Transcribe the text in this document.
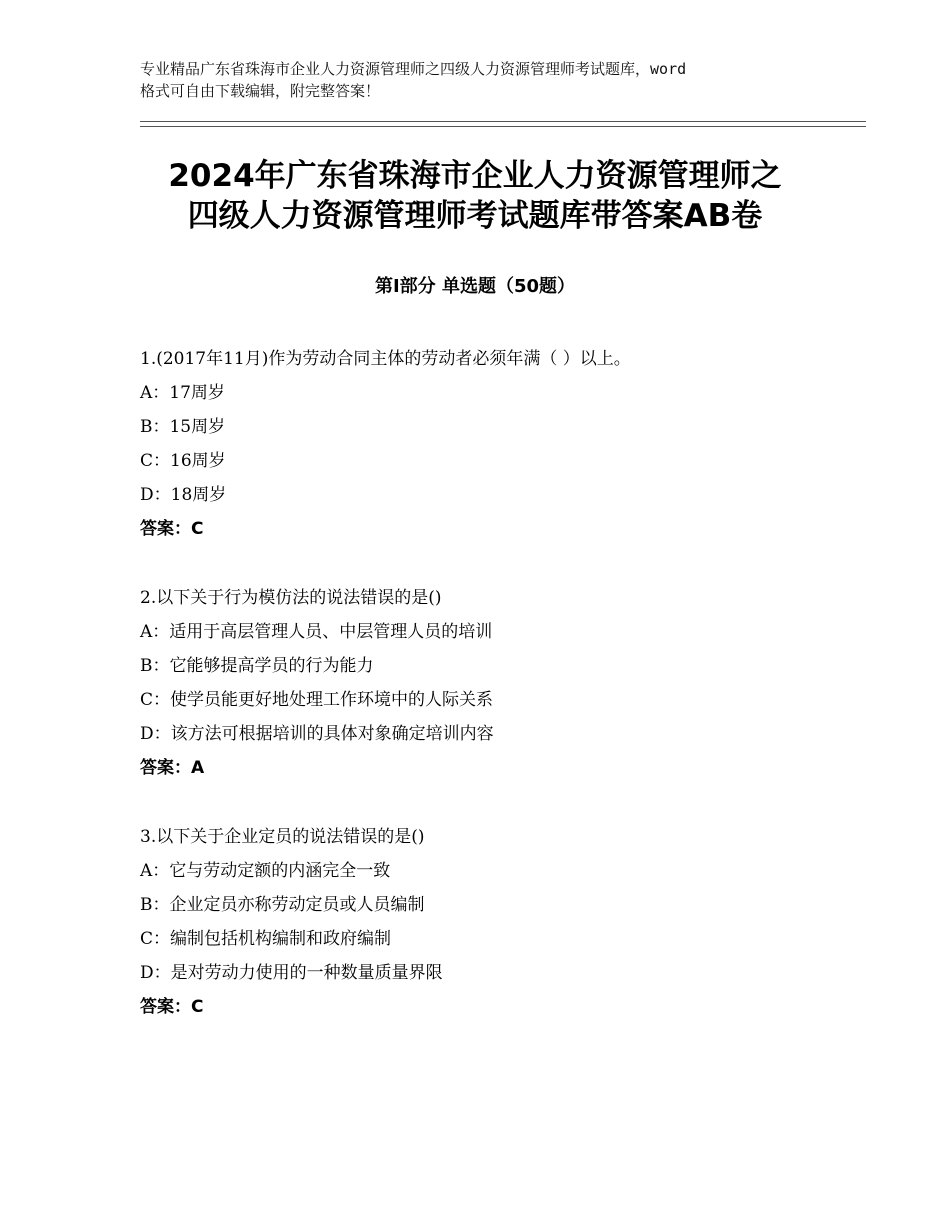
专业精品广东省珠海市企业人力资源管理师之四级人力资源管理师考试题库，word
格式可自由下载编辑，附完整答案！
2024年广东省珠海市企业人力资源管理师之
四级人力资源管理师考试题库带答案AB卷
第Ⅰ部分 单选题（50题）
1.(2017年11月)作为劳动合同主体的劳动者必须年满（ ）以上。
A：17周岁
B：15周岁
C：16周岁
D：18周岁
答案：C
2.以下关于行为模仿法的说法错误的是()
A：适用于高层管理人员、中层管理人员的培训
B：它能够提高学员的行为能力
C：使学员能更好地处理工作环境中的人际关系
D：该方法可根据培训的具体对象确定培训内容
答案：A
3.以下关于企业定员的说法错误的是()
A：它与劳动定额的内涵完全一致
B：企业定员亦称劳动定员或人员编制
C：编制包括机构编制和政府编制
D：是对劳动力使用的一种数量质量界限
答案：C
